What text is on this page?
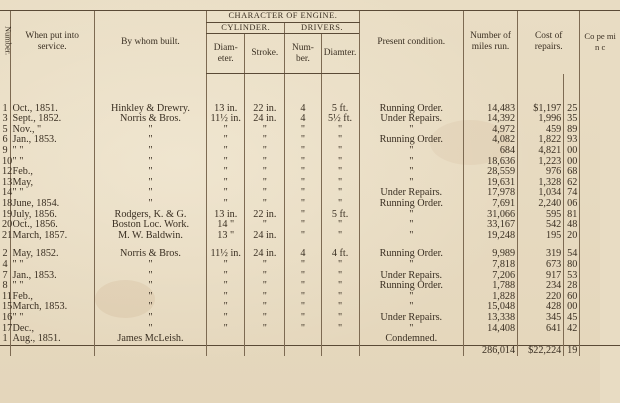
Number.	When put into service.	By whom built.	CHARACTER OF ENGINE.				Present condition.	Number of miles run.	Cost of repairs.		Co pe mi n c
			CYLINDER.		DRIVERS.						
			Diameter.	Stroke.	Number.	Diamter.					

1	Oct., 1851.	Hinkley & Drewry.	13 in.	22 in.	4	5 ft.	Running Order.	14,483	$1,197	25	
3	Sept., 1852.	Norris & Bros.	11½ in.	24 in.	4	5½ ft.	Under Repairs.	14,392	1,996	35	
5	Nov., "	"	"	"	"	"	"	4,972	459	89	
6	Jan., 1853.	"	"	"	"	"	Running Order.	4,082	1,822	93	
9	" "	"	"	"	"	"	"	684	4,821	00	
10	" "	"	"	"	"	"	"	18,636	1,223	00	
12	Feb.,	"	"	"	"	"	"	28,559	976	68	
13	May,	"	"	"	"	"	"	19,631	1,328	62	
14	" "	"	"	"	"	"	Under Repairs.	17,978	1,034	74	
18	June, 1854.	"	"	"	"	"	Running Order.	7,691	2,240	06	
19	July, 1856.	Rodgers, K. & G.	13 in.	22 in.	"	5 ft.	"	31,066	595	81	
20	Oct., 1856.	Boston Loc. Work.	14 "	"	"	"	"	33,167	542	48	
21	March, 1857.	M. W. Baldwin.	13 "	24 in.	"	"	"	19,248	195	20	

2	May, 1852.	Norris & Bros.	11½ in.	24 in.	4	4 ft.	Running Order.	9,989	319	54	
4	" "	"	"	"	"	"	"	7,818	673	80	
7	Jan., 1853.	"	"	"	"	"	Under Repairs.	7,206	917	53	
8	" "	"	"	"	"	"	Running Order.	1,788	234	28	
11	Feb.,	"	"	"	"	"	"	1,828	220	60	
15	March, 1853.	"	"	"	"	"	"	15,048	428	00	
16	" "	"	"	"	"	"	Under Repairs.	13,338	345	45	
17	Dec.,	"	"	"	"	"	"	14,408	641	42	
1	Aug., 1851.	James McLeish.					Condemned.				
								286,014	$22,224	19	
